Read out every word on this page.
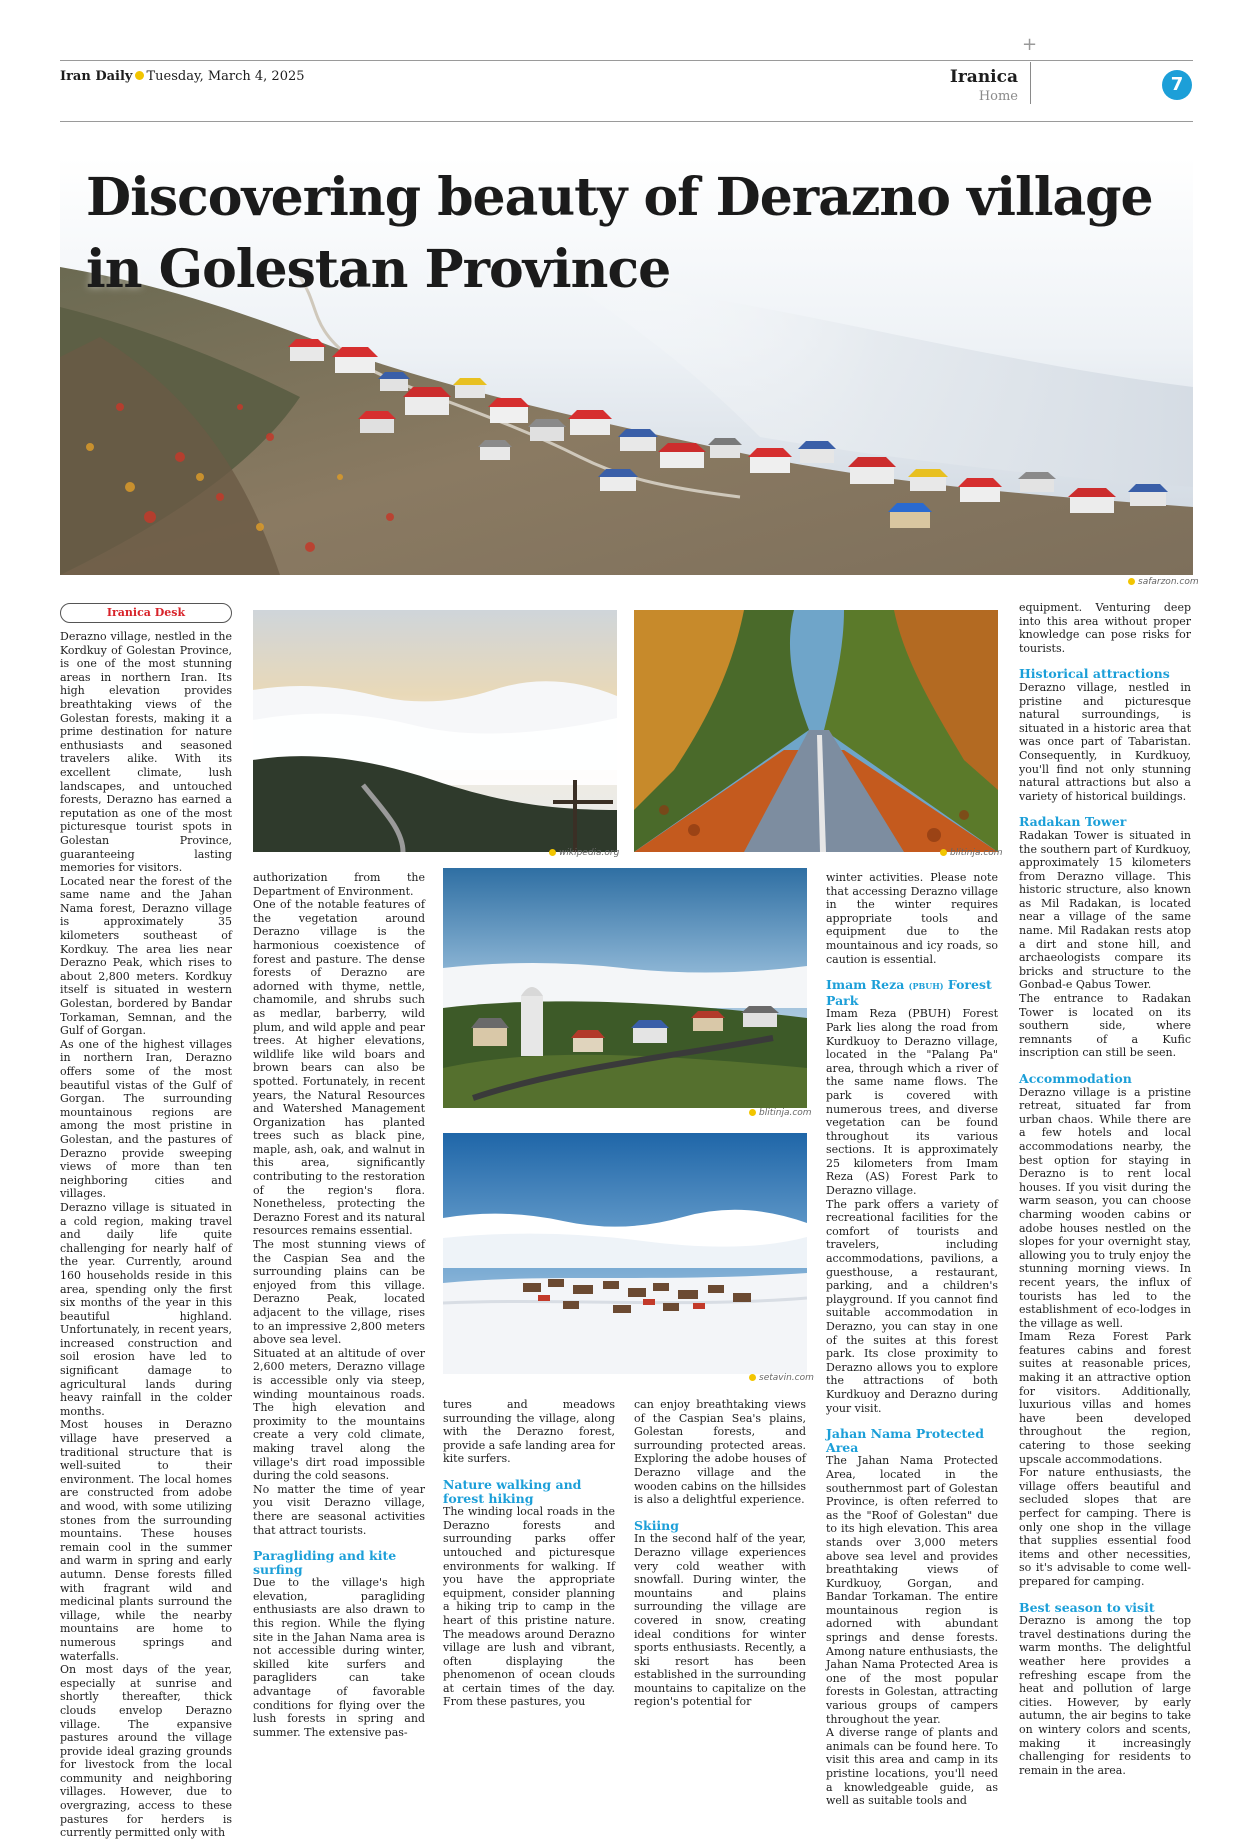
+
Iran Daily Tuesday, March 4, 2025	Iranica
Home
7
Discovering beauty of Derazno village in Golestan Province
safarzon.com
Iranica Desk
wikipedia.org	blitinja.com
blitinja.com
setavin.com

Derazno village, nestled in the Kordkuy of Golestan Province, is one of the most stunning areas in northern Iran. Its high elevation provides breathtaking views of the Golestan forests, making it a prime destination for nature enthusiasts and seasoned travelers alike. With its excellent climate, lush landscapes, and untouched forests, Derazno has earned a reputation as one of the most picturesque tourist spots in Golestan Province, guaranteeing lasting memories for visitors.

Located near the forest of the same name and the Jahan Nama forest, Derazno village is approximately 35 kilometers southeast of Kordkuy. The area lies near Derazno Peak, which rises to about 2,800 meters. Kordkuy itself is situated in western Golestan, bordered by Bandar Torkaman, Semnan, and the Gulf of Gorgan.

As one of the highest villages in northern Iran, Derazno offers some of the most beautiful vistas of the Gulf of Gorgan. The surrounding mountainous regions are among the most pristine in Golestan, and the pastures of Derazno provide sweeping views of more than ten neighboring cities and villages.

Derazno village is situated in a cold region, making travel and daily life quite challenging for nearly half of the year. Currently, around 160 households reside in this area, spending only the first six months of the year in this beautiful highland. Unfortunately, in recent years, increased construction and soil erosion have led to significant damage to agricultural lands during heavy rainfall in the colder months.

Most houses in Derazno village have preserved a traditional structure that is well-suited to their environment. The local homes are constructed from adobe and wood, with some utilizing stones from the surrounding mountains. These houses remain cool in the summer and warm in spring and early autumn. Dense forests filled with fragrant wild and medicinal plants surround the village, while the nearby mountains are home to numerous springs and waterfalls.

On most days of the year, especially at sunrise and shortly thereafter, thick clouds envelop Derazno village. The expansive pastures around the village provide ideal grazing grounds for livestock from the local community and neighboring villages. However, due to overgrazing, access to these pastures for herders is currently permitted only with

authorization from the Department of Environment.

One of the notable features of the vegetation around Derazno village is the harmonious coexistence of forest and pasture. The dense forests of Derazno are adorned with thyme, nettle, chamomile, and shrubs such as medlar, barberry, wild plum, and wild apple and pear trees. At higher elevations, wildlife like wild boars and brown bears can also be spotted. Fortunately, in recent years, the Natural Resources and Watershed Management Organization has planted trees such as black pine, maple, ash, oak, and walnut in this area, significantly contributing to the restoration of the region's flora. Nonetheless, protecting the Derazno Forest and its natural resources remains essential.

The most stunning views of the Caspian Sea and the surrounding plains can be enjoyed from this village. Derazno Peak, located adjacent to the village, rises to an impressive 2,800 meters above sea level.

Situated at an altitude of over 2,600 meters, Derazno village is accessible only via steep, winding mountainous roads. The high elevation and proximity to the mountains create a very cold climate, making travel along the village's dirt road impossible during the cold seasons.

No matter the time of year you visit Derazno village, there are seasonal activities that attract tourists.

Paragliding and kite surfing

Due to the village's high elevation, paragliding enthusiasts are also drawn to this region. While the flying site in the Jahan Nama area is not accessible during winter, skilled kite surfers and paragliders can take advantage of favorable conditions for flying over the lush forests in spring and summer. The extensive pas-

tures and meadows surrounding the village, along with the Derazno forest, provide a safe landing area for kite surfers.

Nature walking and forest hiking

The winding local roads in the Derazno forests and surrounding parks offer untouched and picturesque environments for walking. If you have the appropriate equipment, consider planning a hiking trip to camp in the heart of this pristine nature. The meadows around Derazno village are lush and vibrant, often displaying the phenomenon of ocean clouds at certain times of the day. From these pastures, you

can enjoy breathtaking views of the Caspian Sea's plains, Golestan forests, and surrounding protected areas. Exploring the adobe houses of Derazno village and the wooden cabins on the hillsides is also a delightful experience.

Skiing

In the second half of the year, Derazno village experiences very cold weather with snowfall. During winter, the mountains and plains surrounding the village are covered in snow, creating ideal conditions for winter sports enthusiasts. Recently, a ski resort has been established in the surrounding mountains to capitalize on the region's potential for

winter activities. Please note that accessing Derazno village in the winter requires appropriate tools and equipment due to the mountainous and icy roads, so caution is essential.

Imam Reza (PBUH) Forest Park

Imam Reza (PBUH) Forest Park lies along the road from Kurdkuoy to Derazno village, located in the "Palang Pa" area, through which a river of the same name flows. The park is covered with numerous trees, and diverse vegetation can be found throughout its various sections. It is approximately 25 kilometers from Imam Reza (AS) Forest Park to Derazno village.

The park offers a variety of recreational facilities for the comfort of tourists and travelers, including accommodations, pavilions, a guesthouse, a restaurant, parking, and a children's playground. If you cannot find suitable accommodation in Derazno, you can stay in one of the suites at this forest park. Its close proximity to Derazno allows you to explore the attractions of both Kurdkuoy and Derazno during your visit.

Jahan Nama Protected Area

The Jahan Nama Protected Area, located in the southernmost part of Golestan Province, is often referred to as the "Roof of Golestan" due to its high elevation. This area stands over 3,000 meters above sea level and provides breathtaking views of Kurdkuoy, Gorgan, and Bandar Torkaman. The entire mountainous region is adorned with abundant springs and dense forests. Among nature enthusiasts, the Jahan Nama Protected Area is one of the most popular forests in Golestan, attracting various groups of campers throughout the year.

A diverse range of plants and animals can be found here. To visit this area and camp in its pristine locations, you'll need a knowledgeable guide, as well as suitable tools and

equipment. Venturing deep into this area without proper knowledge can pose risks for tourists.

Historical attractions

Derazno village, nestled in pristine and picturesque natural surroundings, is situated in a historic area that was once part of Tabaristan. Consequently, in Kurdkuoy, you'll find not only stunning natural attractions but also a variety of historical buildings.

Radakan Tower

Radakan Tower is situated in the southern part of Kurdkuoy, approximately 15 kilometers from Derazno village. This historic structure, also known as Mil Radakan, is located near a village of the same name. Mil Radakan rests atop a dirt and stone hill, and archaeologists compare its bricks and structure to the Gonbad-e Qabus Tower.

The entrance to Radakan Tower is located on its southern side, where remnants of a Kufic inscription can still be seen.

Accommodation

Derazno village is a pristine retreat, situated far from urban chaos. While there are a few hotels and local accommodations nearby, the best option for staying in Derazno is to rent local houses. If you visit during the warm season, you can choose charming wooden cabins or adobe houses nestled on the slopes for your overnight stay, allowing you to truly enjoy the stunning morning views. In recent years, the influx of tourists has led to the establishment of eco-lodges in the village as well.

Imam Reza Forest Park features cabins and forest suites at reasonable prices, making it an attractive option for visitors. Additionally, luxurious villas and homes have been developed throughout the region, catering to those seeking upscale accommodations.

For nature enthusiasts, the village offers beautiful and secluded slopes that are perfect for camping. There is only one shop in the village that supplies essential food items and other necessities, so it's advisable to come well-prepared for camping.

Best season to visit

Derazno is among the top travel destinations during the warm months. The delightful weather here provides a refreshing escape from the heat and pollution of large cities. However, by early autumn, the air begins to take on wintery colors and scents, making it increasingly challenging for residents to remain in the area.
